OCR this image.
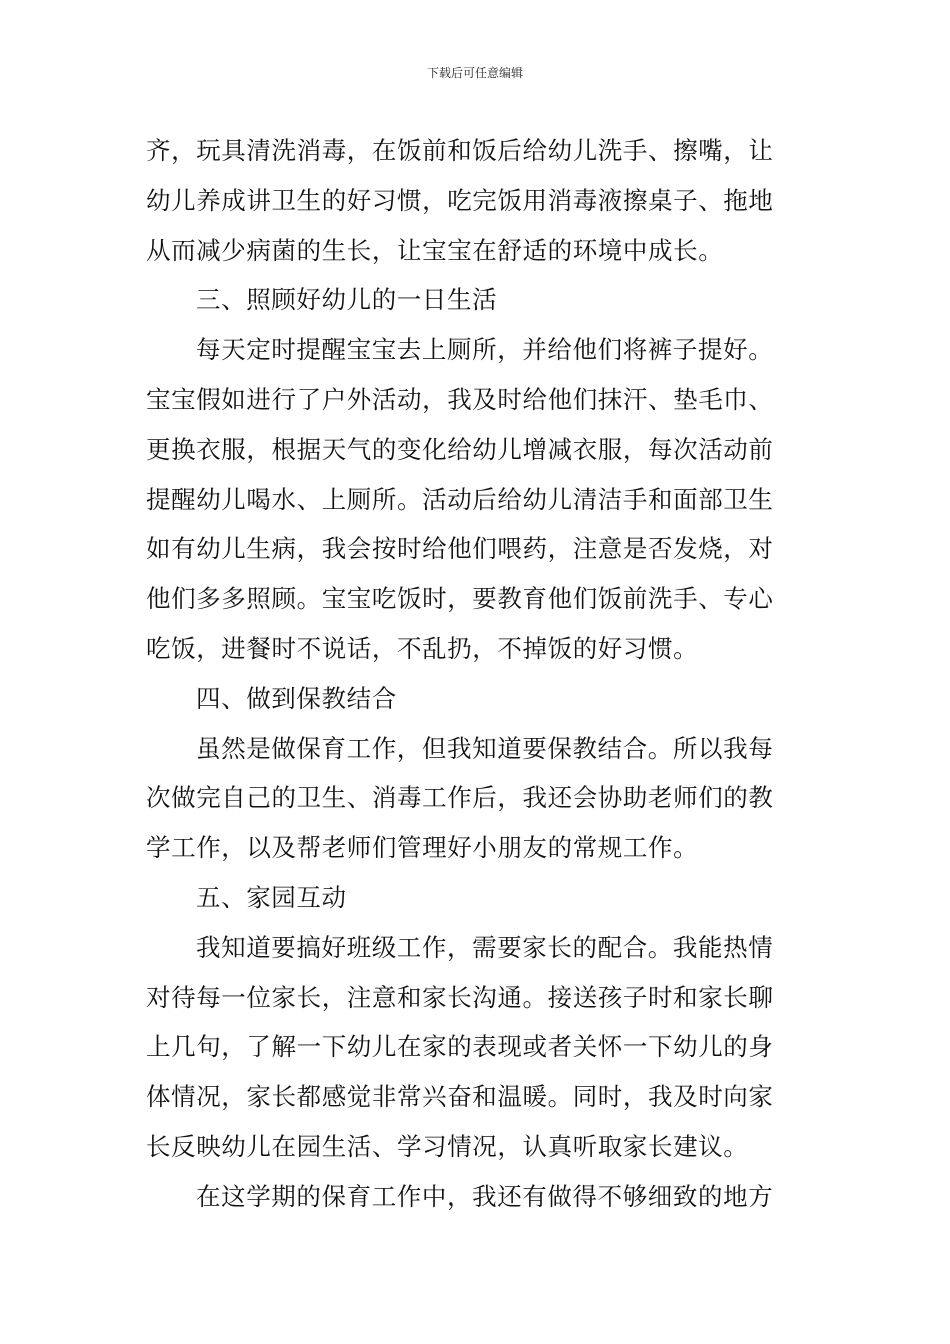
下载后可任意编辑
齐，玩具清洗消毒，在饭前和饭后给幼儿洗手、擦嘴，让
幼儿养成讲卫生的好习惯，吃完饭用消毒液擦桌子、拖地
从而减少病菌的生长，让宝宝在舒适的环境中成长。
三、照顾好幼儿的一日生活
每天定时提醒宝宝去上厕所，并给他们将裤子提好。
宝宝假如进行了户外活动，我及时给他们抹汗、垫毛巾、
更换衣服，根据天气的变化给幼儿增减衣服，每次活动前
提醒幼儿喝水、上厕所。活动后给幼儿清洁手和面部卫生
如有幼儿生病，我会按时给他们喂药，注意是否发烧，对
他们多多照顾。宝宝吃饭时，要教育他们饭前洗手、专心
吃饭，进餐时不说话，不乱扔，不掉饭的好习惯。
四、做到保教结合
虽然是做保育工作，但我知道要保教结合。所以我每
次做完自己的卫生、消毒工作后，我还会协助老师们的教
学工作，以及帮老师们管理好小朋友的常规工作。
五、家园互动
我知道要搞好班级工作，需要家长的配合。我能热情
对待每一位家长，注意和家长沟通。接送孩子时和家长聊
上几句，了解一下幼儿在家的表现或者关怀一下幼儿的身
体情况，家长都感觉非常兴奋和温暖。同时，我及时向家
长反映幼儿在园生活、学习情况，认真听取家长建议。
在这学期的保育工作中，我还有做得不够细致的地方
